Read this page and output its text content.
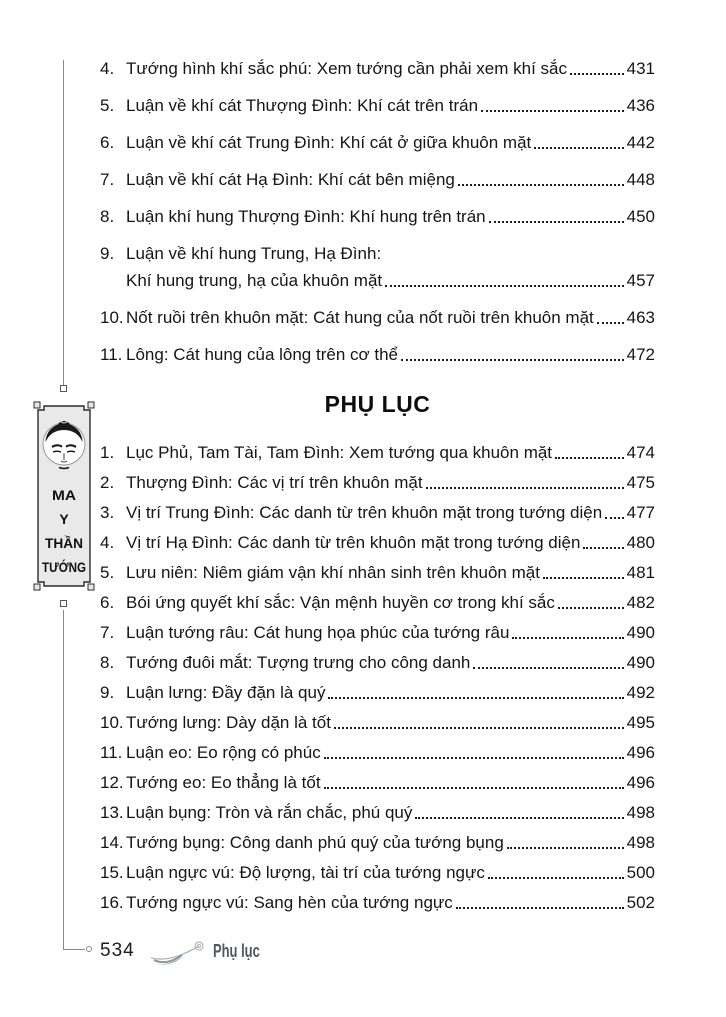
MA
Y
THẦN
TƯỚNG
4. Tướng hình khí sắc phú: Xem tướng cần phải xem khí sắc	431
5. Luận về khí cát Thượng Đình: Khí cát trên trán	436
6. Luận về khí cát Trung Đình: Khí cát ở giữa khuôn mặt	442
7. Luận về khí cát Hạ Đình: Khí cát bên miệng	448
8. Luận khí hung Thượng Đình: Khí hung trên trán	450
9. Luận về khí hung Trung, Hạ Đình:
Khí hung trung, hạ của khuôn mặt	457
10. Nốt ruồi trên khuôn mặt: Cát hung của nốt ruồi trên khuôn mặt 463
11. Lông: Cát hung của lông trên cơ thể	472
PHỤ LỤC
1. Lục Phủ, Tam Tài, Tam Đình: Xem tướng qua khuôn mặt	474
2. Thượng Đình: Các vị trí trên khuôn mặt	475
3. Vị trí Trung Đình: Các danh từ trên khuôn mặt trong tướng diện 477
4. Vị trí Hạ Đình: Các danh từ trên khuôn mặt trong tướng diện	480
5. Lưu niên: Niêm giám vận khí nhân sinh trên khuôn mặt	481
6. Bói ứng quyết khí sắc: Vận mệnh huyền cơ trong khí sắc	482
7. Luận tướng râu: Cát hung họa phúc của tướng râu	490
8. Tướng đuôi mắt: Tượng trưng cho công danh	490
9. Luận lưng: Đầy đặn là quý	492
10. Tướng lưng: Dày dặn là tốt	495
11. Luận eo: Eo rộng có phúc	496
12. Tướng eo: Eo thẳng là tốt	496
13. Luận bụng: Tròn và rắn chắc, phú quý	498
14. Tướng bụng: Công danh phú quý của tướng bụng	498
15. Luận ngực vú: Độ lượng, tài trí của tướng ngực	500
16. Tướng ngực vú: Sang hèn của tướng ngực	502
534	Phụ lục
